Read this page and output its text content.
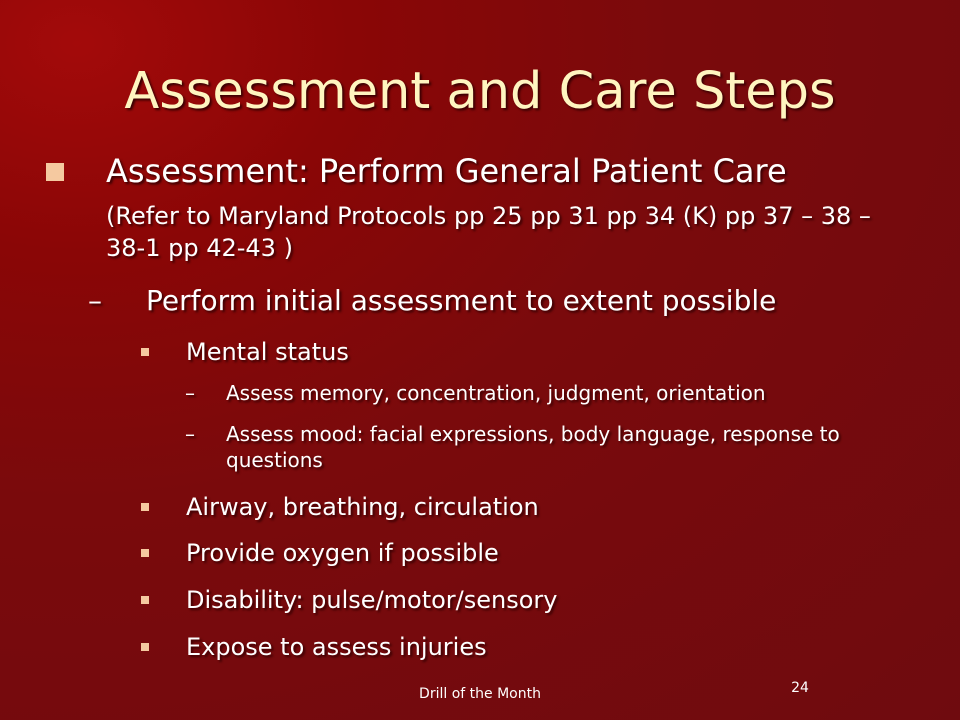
Assessment and Care Steps
Assessment: Perform General Patient Care
(Refer to Maryland Protocols pp 25 pp 31 pp 34 (K) pp 37 – 38 – 38-1 pp 42-43 )
– Perform initial assessment to extent possible
Mental status
– Assess memory, concentration, judgment, orientation
– Assess mood: facial expressions, body language, response to questions
Airway, breathing, circulation
Provide oxygen if possible
Disability: pulse/motor/sensory
Expose to assess injuries
Drill of the Month	24
